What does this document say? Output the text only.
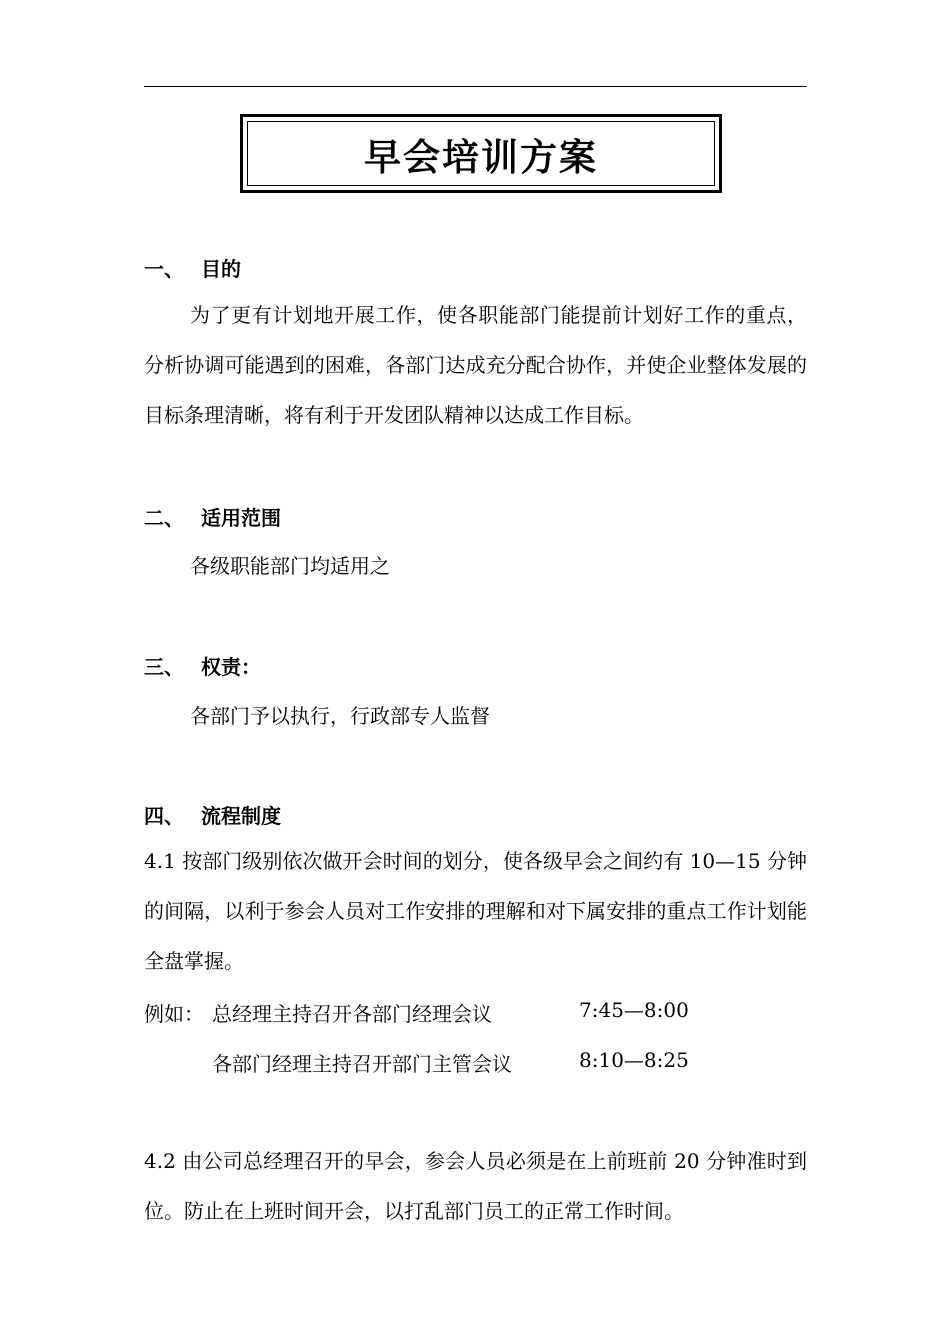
早会培训方案
一、 目的
为了更有计划地开展工作，使各职能部门能提前计划好工作的重点，分析协调可能遇到的困难，各部门达成充分配合协作，并使企业整体发展的目标条理清晰，将有利于开发团队精神以达成工作目标。
二、 适用范围
各级职能部门均适用之
三、 权责：
各部门予以执行，行政部专人监督
四、 流程制度
4.1 按部门级别依次做开会时间的划分，使各级早会之间约有 10—15 分钟的间隔，以利于参会人员对工作安排的理解和对下属安排的重点工作计划能全盘掌握。
例如： 总经理主持召开各部门经理会议	7:45—8:00
各部门经理主持召开部门主管会议	8:10—8:25
4.2 由公司总经理召开的早会，参会人员必须是在上前班前 20 分钟准时到位。防止在上班时间开会，以打乱部门员工的正常工作时间。
